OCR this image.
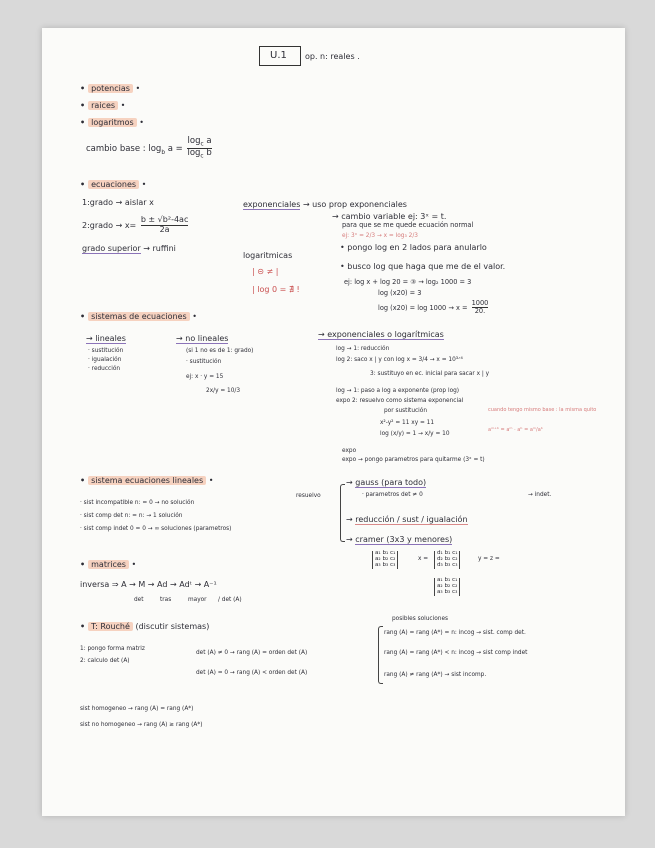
U.1 op. n: reales .
• potencias •
• raices •
• logaritmos •
cambio base : $\log_b a = \frac{\log_c a}{\log_c b}$
• ecuaciones •
1:grado → aislar x
2:grado → $x= \frac{\text{b ± √b²-4ac}}{2a}$
grado superior → ruffini
exponenciales → uso prop exponenciales
→ cambio variable ej: 3ˣ = t.
para que se me quede ecuación normal
ej: 3ˣ = 2/3 → x = log₃ 2/3
logaritmicas
| ⊝ ≠ |
| log 0 = ∄ !
• pongo log en 2 lados para anularlo
• busco log que haga que me de el valor.
ej: log x + log 20 = ③ → log₂ 1000 = 3
log (x20) = 3
$\log (x20) = \log 1000 \to x = \frac{1000}{20.}$
• sistemas de ecuaciones •
→ lineales
· sustitución
· igualación
· reducción
→ no lineales
(si 1 no es de 1: grado)
· sustitución
ej: x · y = 15
2x/y = 10/3
→ exponenciales o logarítmicas
log → 1: reducción
log 2: saco x | y con log x = 3/4 → x = 10³ᐟ⁴
3: sustituyo en ec. inicial para sacar x | y
log → 1: paso a log a exponente (prop log)
expo 2: resuelvo como sistema exponencial
por sustitución
x²-y² = 11 xy = 11
log (x/y) = 1 → x/y = 10
expo
expo → pongo parametros para quitarme (3ˣ = t)
cuando tengo mismo base : la misma quito
aᵐ⁺ᵇ = aᵐ · aᵇ = aᵐ/aᵇ
• sistema ecuaciones lineales •
· sist incompatible n: = 0 → no solución
· sist comp det n: = n: → 1 solución
· sist comp indet 0 = 0 → ∞ soluciones (parametros)
resuelvo
→ gauss (para todo)
· parametros det ≠ 0	→ indet.
→ reducción / sust / igualación
→ cramer (3x3 y menores)
a₁ b₁ c₁
a₂ b₂ c₂
a₃ b₃ c₃
x =
d₁ b₁ c₁
d₂ b₂ c₂
d₃ b₃ c₃
y = z =
a₁ b₁ c₁
a₂ b₂ c₂
a₃ b₃ c₃
• matrices •
inversa ⇒ A → M → Ad → Adᵗ → A⁻¹
det	tras	mayor / det (A)
• T: Rouché (discutir sistemas)
1: pongo forma matriz
2: calculo det (A)
det (A) ≠ 0 → rang (A) = orden det (A)
det (A) = 0 → rang (A) < orden det (A)
posibles soluciones
rang (A) = rang (A*) = n: incog → sist. comp det.
rang (A) = rang (A*) < n: incog → sist comp indet
rang (A) ≠ rang (A*) → sist incomp.
sist homogeneo → rang (A) = rang (A*)
sist no homogeneo → rang (A) ≥ rang (A*)
